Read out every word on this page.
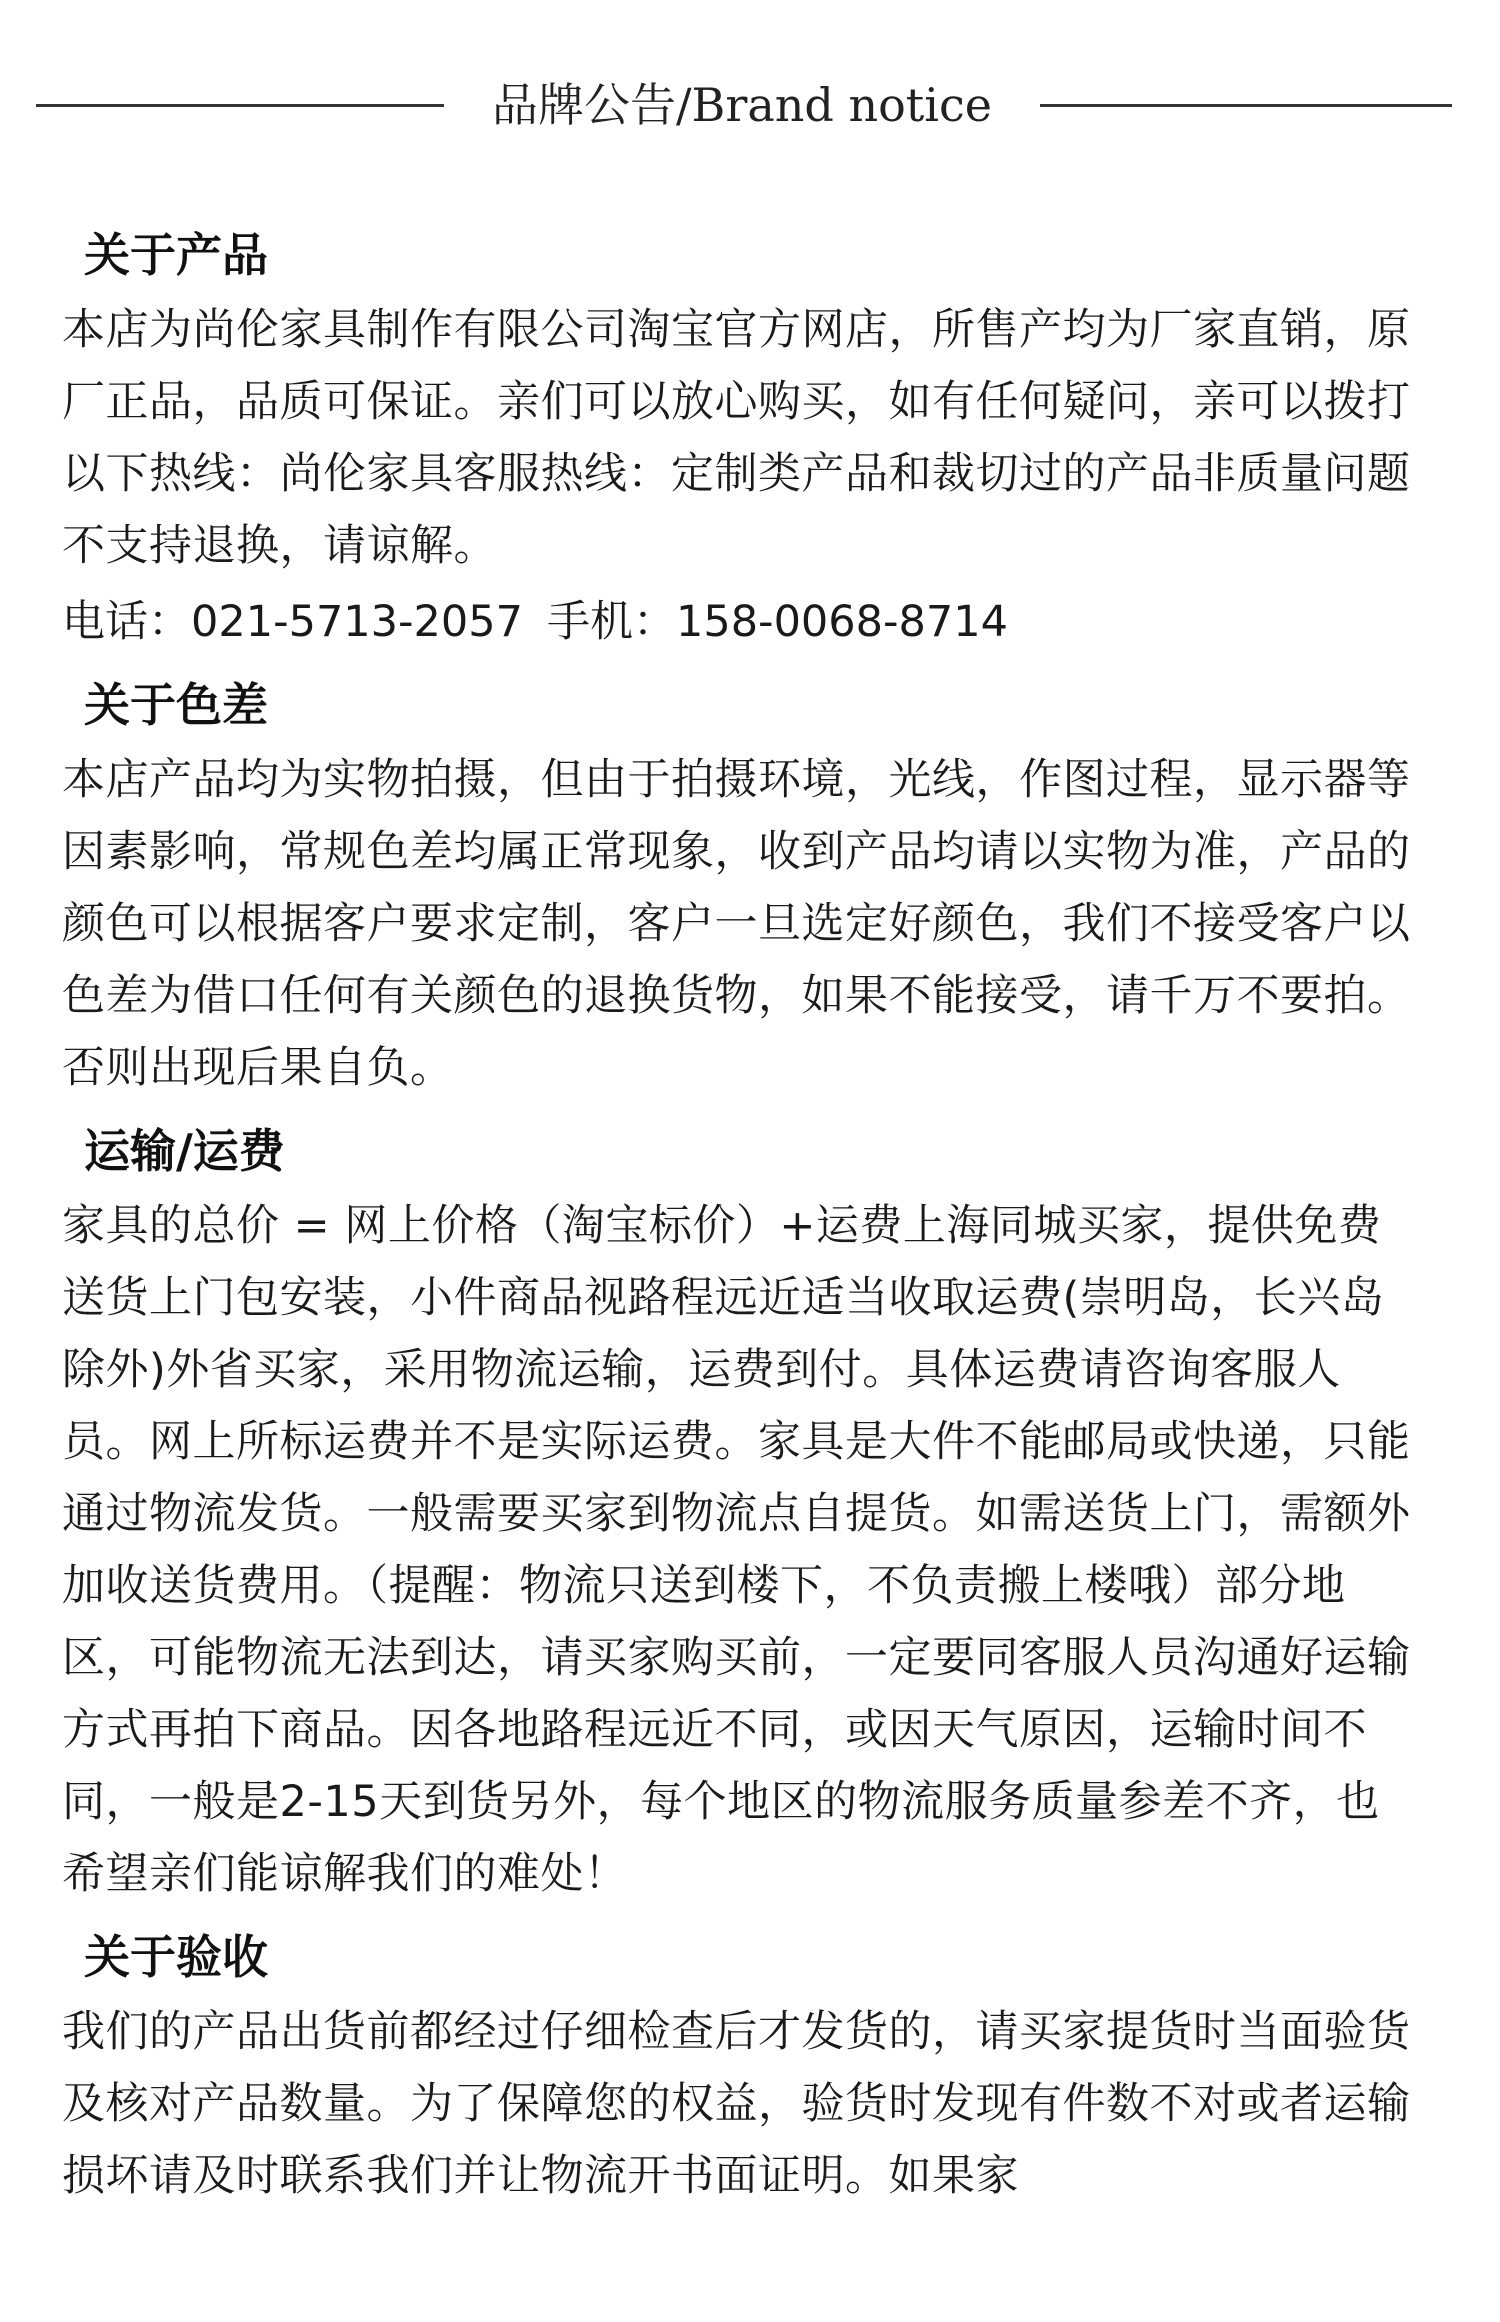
品牌公告/Brand notice
关于产品
本店为尚伦家具制作有限公司淘宝官方网店，所售产均为厂家直销，原厂正品，品质可保证。亲们可以放心购买，如有任何疑问，亲可以拨打以下热线：尚伦家具客服热线：定制类产品和裁切过的产品非质量问题不支持退换，请谅解。
电话：021-5713-2057 手机：158-0068-8714
关于色差
本店产品均为实物拍摄，但由于拍摄环境，光线，作图过程，显示器等因素影响，常规色差均属正常现象，收到产品均请以实物为准，产品的颜色可以根据客户要求定制，客户一旦选定好颜色，我们不接受客户以色差为借口任何有关颜色的退换货物，如果不能接受，请千万不要拍。否则出现后果自负。
运输/运费
家具的总价 = 网上价格（淘宝标价）+运费上海同城买家，提供免费送货上门包安装，小件商品视路程远近适当收取运费(崇明岛，长兴岛除外)外省买家，采用物流运输，运费到付。具体运费请咨询客服人员。网上所标运费并不是实际运费。家具是大件不能邮局或快递，只能通过物流发货。一般需要买家到物流点自提货。如需送货上门，需额外加收送货费用。（提醒：物流只送到楼下，不负责搬上楼哦）部分地区，可能物流无法到达，请买家购买前，一定要同客服人员沟通好运输方式再拍下商品。因各地路程远近不同，或因天气原因，运输时间不同，一般是2-15天到货另外，每个地区的物流服务质量参差不齐，也希望亲们能谅解我们的难处！
关于验收
我们的产品出货前都经过仔细检查后才发货的，请买家提货时当面验货及核对产品数量。为了保障您的权益，验货时发现有件数不对或者运输损坏请及时联系我们并让物流开书面证明。如果家
